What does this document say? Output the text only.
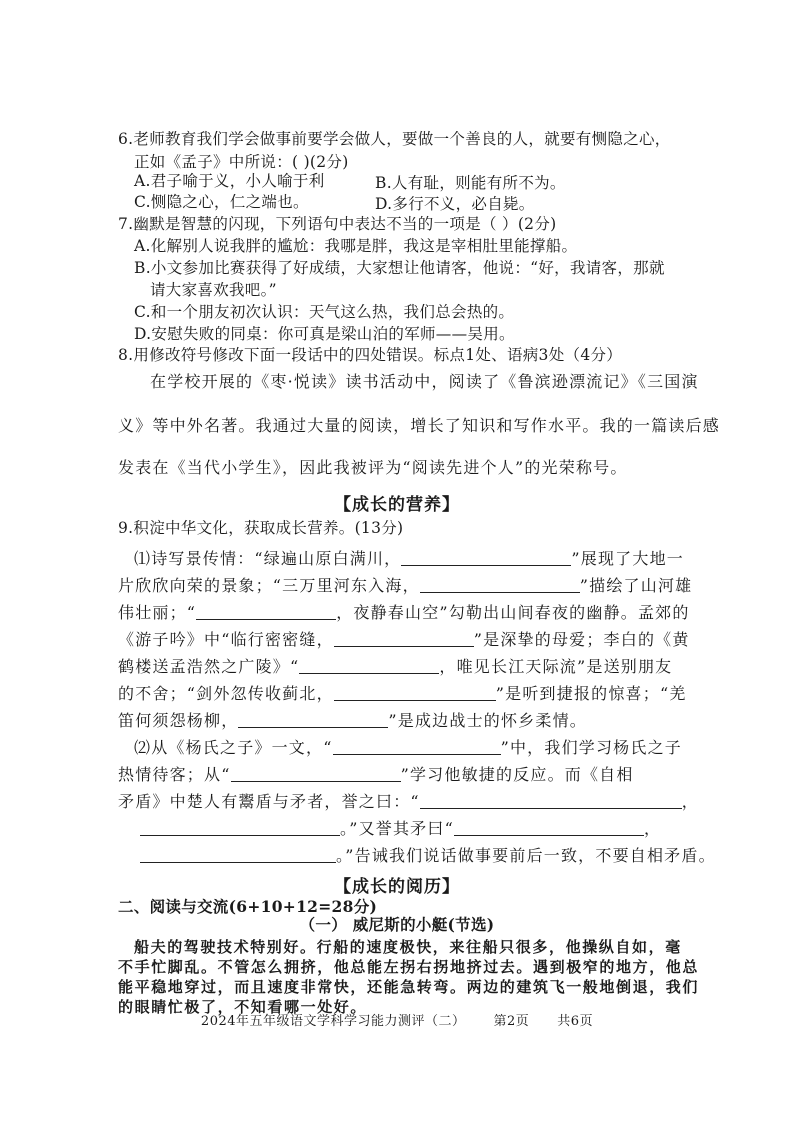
6.老师教育我们学会做事前要学会做人，要做一个善良的人，就要有恻隐之心，
正如《孟子》中所说：( )(2分)
A.君子喻于义，小人喻于利	B.人有耻，则能有所不为。
C.恻隐之心，仁之端也。	D.多行不义，必自毙。
7.幽默是智慧的闪现，下列语句中表达不当的一项是（ ）(2分)
A.化解别人说我胖的尴尬：我哪是胖，我这是宰相肚里能撑船。
B.小文参加比赛获得了好成绩，大家想让他请客，他说：“好，我请客，那就
请大家喜欢我吧。”
C.和一个朋友初次认识：天气这么热，我们总会热的。
D.安慰失败的同桌：你可真是梁山泊的军师——吴用。
8.用修改符号修改下面一段话中的四处错误。标点1处、语病3处（4分）
在学校开展的《枣·悦读》读书活动中，阅读了《鲁滨逊漂流记》《三国演
义》等中外名著。我通过大量的阅读，增长了知识和写作水平。我的一篇读后感
发表在《当代小学生》，因此我被评为“阅读先进个人”的光荣称号。
【成长的营养】
9.积淀中华文化，获取成长营养。(13分)
⑴诗写景传情：“绿遍山原白满川，	”展现了大地一
片欣欣向荣的景象；“三万里河东入海，	”描绘了山河雄
伟壮丽；“	，夜静春山空”勾勒出山间春夜的幽静。孟郊的
《游子吟》中“临行密密缝，	”是深挚的母爱；李白的《黄
鹤楼送孟浩然之广陵》“	，唯见长江天际流”是送别朋友
的不舍；“剑外忽传收蓟北，	”是听到捷报的惊喜；“羌
笛何须怨杨柳，	”是成边战士的怀乡柔情。
⑵从《杨氏之子》一文，“	”中，我们学习杨氏之子
热情待客；从“	”学习他敏捷的反应。而《自相
矛盾》中楚人有鬻盾与矛者，誉之曰：“	，
。”又誉其矛曰“	，
。”告诫我们说话做事要前后一致，不要自相矛盾。
【成长的阅历】
二、阅读与交流(6+10+12=28分)
（一） 威尼斯的小艇(节选)
船夫的驾驶技术特别好。行船的速度极快，来往船只很多，他操纵自如，毫
不手忙脚乱。不管怎么拥挤，他总能左拐右拐地挤过去。遇到极窄的地方，他总
能平稳地穿过，而且速度非常快，还能急转弯。两边的建筑飞一般地倒退，我们
的眼睛忙极了，不知看哪一处好。
2024年五年级语文学科学习能力测评（二） 第2页 共6页
